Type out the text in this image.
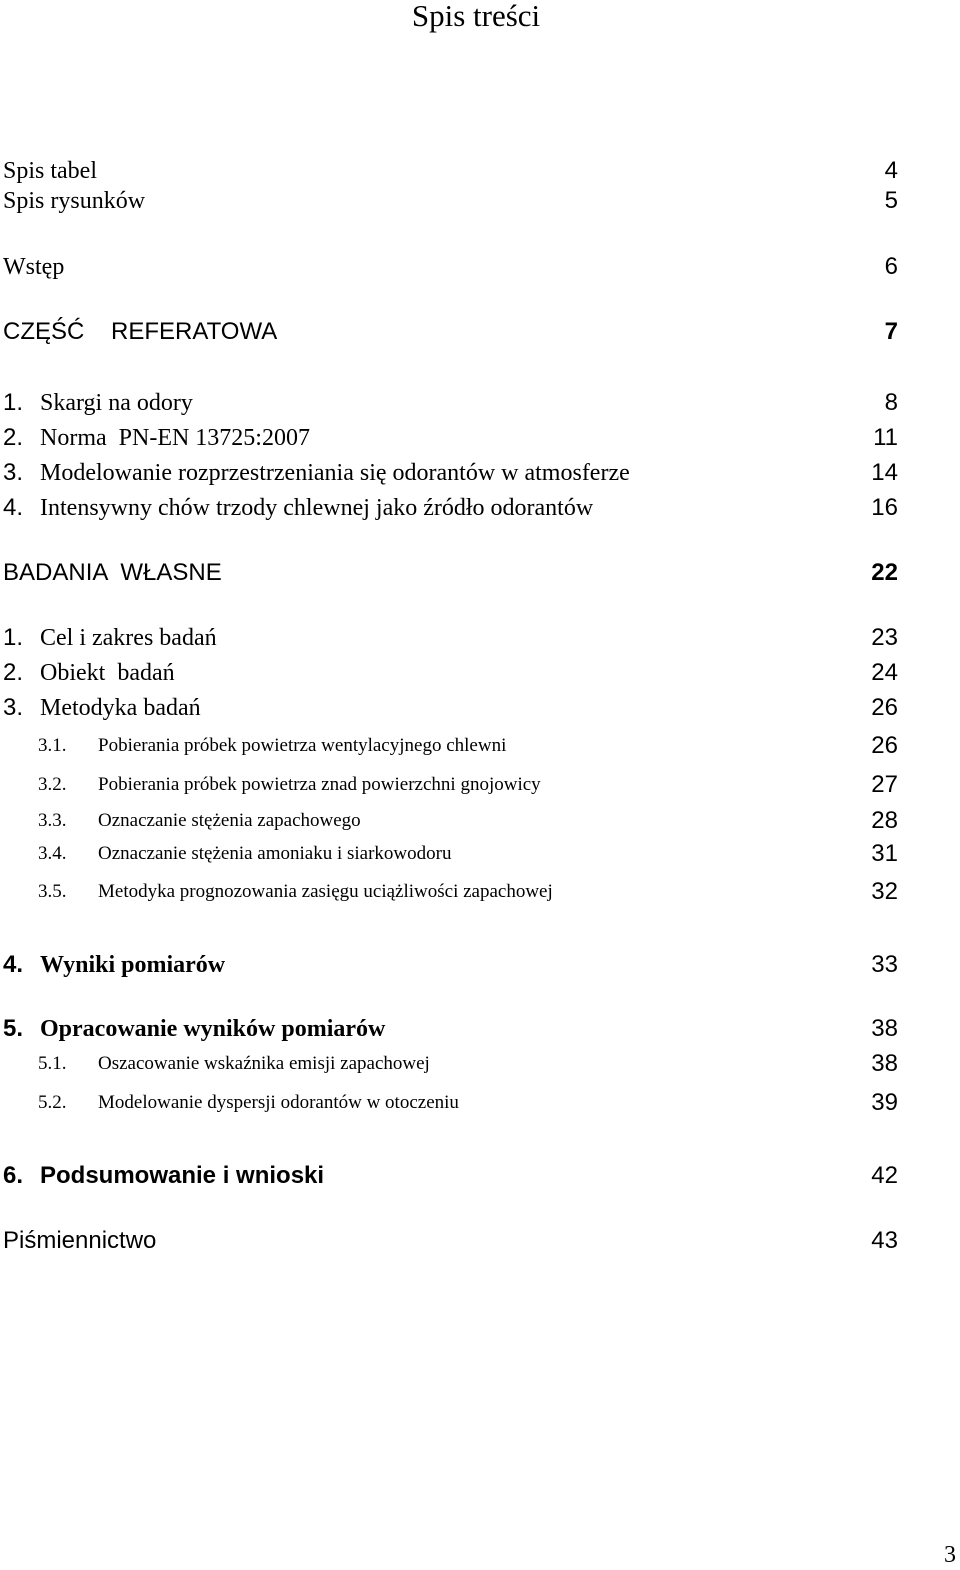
Spis treści
Spis tabel	4
Spis rysunków	5
Wstęp	6
CZĘŚĆ    REFERATOWA	7
1. Skargi na odory	8
2. Norma  PN-EN 13725:2007	11
3. Modelowanie rozprzestrzeniania się odorantów w atmosferze	14
4. Intensywny chów trzody chlewnej jako źródło odorantów	16
BADANIA  WŁASNE	22
1. Cel i zakres badań	23
2. Obiekt  badań	24
3. Metodyka badań	26
3.1. Pobierania próbek powietrza wentylacyjnego chlewni	26
3.2. Pobierania próbek powietrza znad powierzchni gnojowicy	27
3.3. Oznaczanie stężenia zapachowego	28
3.4. Oznaczanie stężenia amoniaku i siarkowodoru	31
3.5. Metodyka prognozowania zasięgu uciążliwości zapachowej	32
4. Wyniki pomiarów	33
5. Opracowanie wyników pomiarów	38
5.1. Oszacowanie wskaźnika emisji zapachowej	38
5.2. Modelowanie dyspersji odorantów w otoczeniu	39
6. Podsumowanie i wnioski	42
Piśmiennictwo	43
3
